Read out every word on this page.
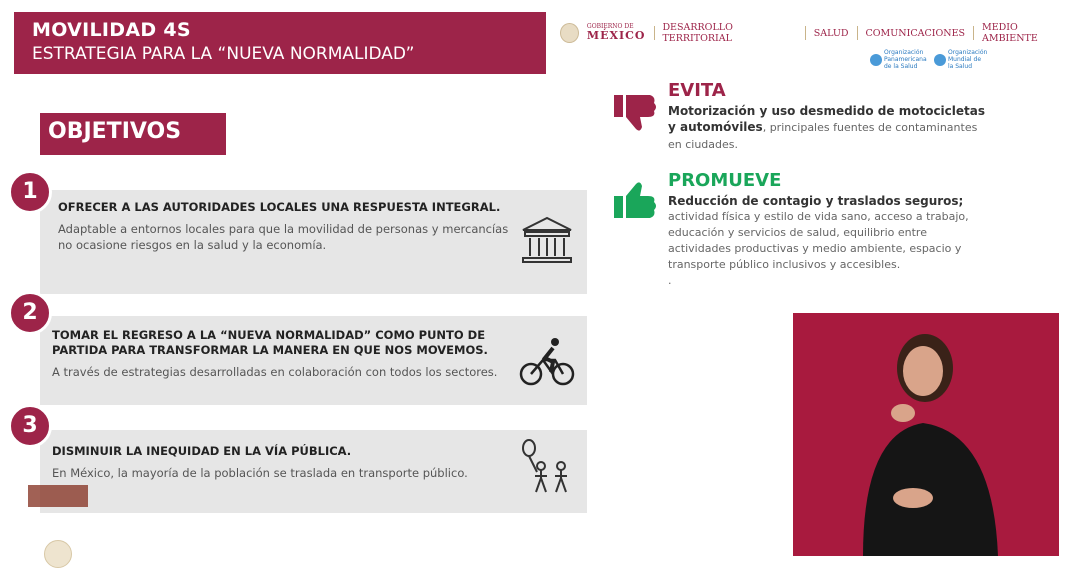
MOVILIDAD 4S
ESTRATEGIA PARA LA “NUEVA NORMALIDAD”
GOBIERNO DE
MÉXICO
DESARROLLO TERRITORIAL	SALUD COMUNICACIONES MEDIO AMBIENTE
Organización Panamericana de la Salud
Organización Mundial de la Salud
OBJETIVOS
OFRECER A LAS AUTORIDADES LOCALES UNA RESPUESTA INTEGRAL.

Adaptable a entornos locales para que la movilidad de personas y mercancías no ocasione riesgos en la salud y la economía.

1
TOMAR EL REGRESO A LA “NUEVA NORMALIDAD” COMO PUNTO DE PARTIDA PARA TRANSFORMAR LA MANERA EN QUE NOS MOVEMOS.

A través de estrategias desarrolladas en colaboración con todos los sectores.

2
DISMINUIR LA INEQUIDAD EN LA VÍA PÚBLICA.

En México, la mayoría de la población se traslada en transporte público.

3
EVITA
Motorización y uso desmedido de motocicletas y automóviles, principales fuentes de contaminantes en ciudades.
PROMUEVE
Reducción de contagio y traslados seguros;
actividad física y estilo de vida sano, acceso a trabajo, educación y servicios de salud, equilibrio entre actividades productivas y medio ambiente, espacio y transporte público inclusivos y accesibles.
.
